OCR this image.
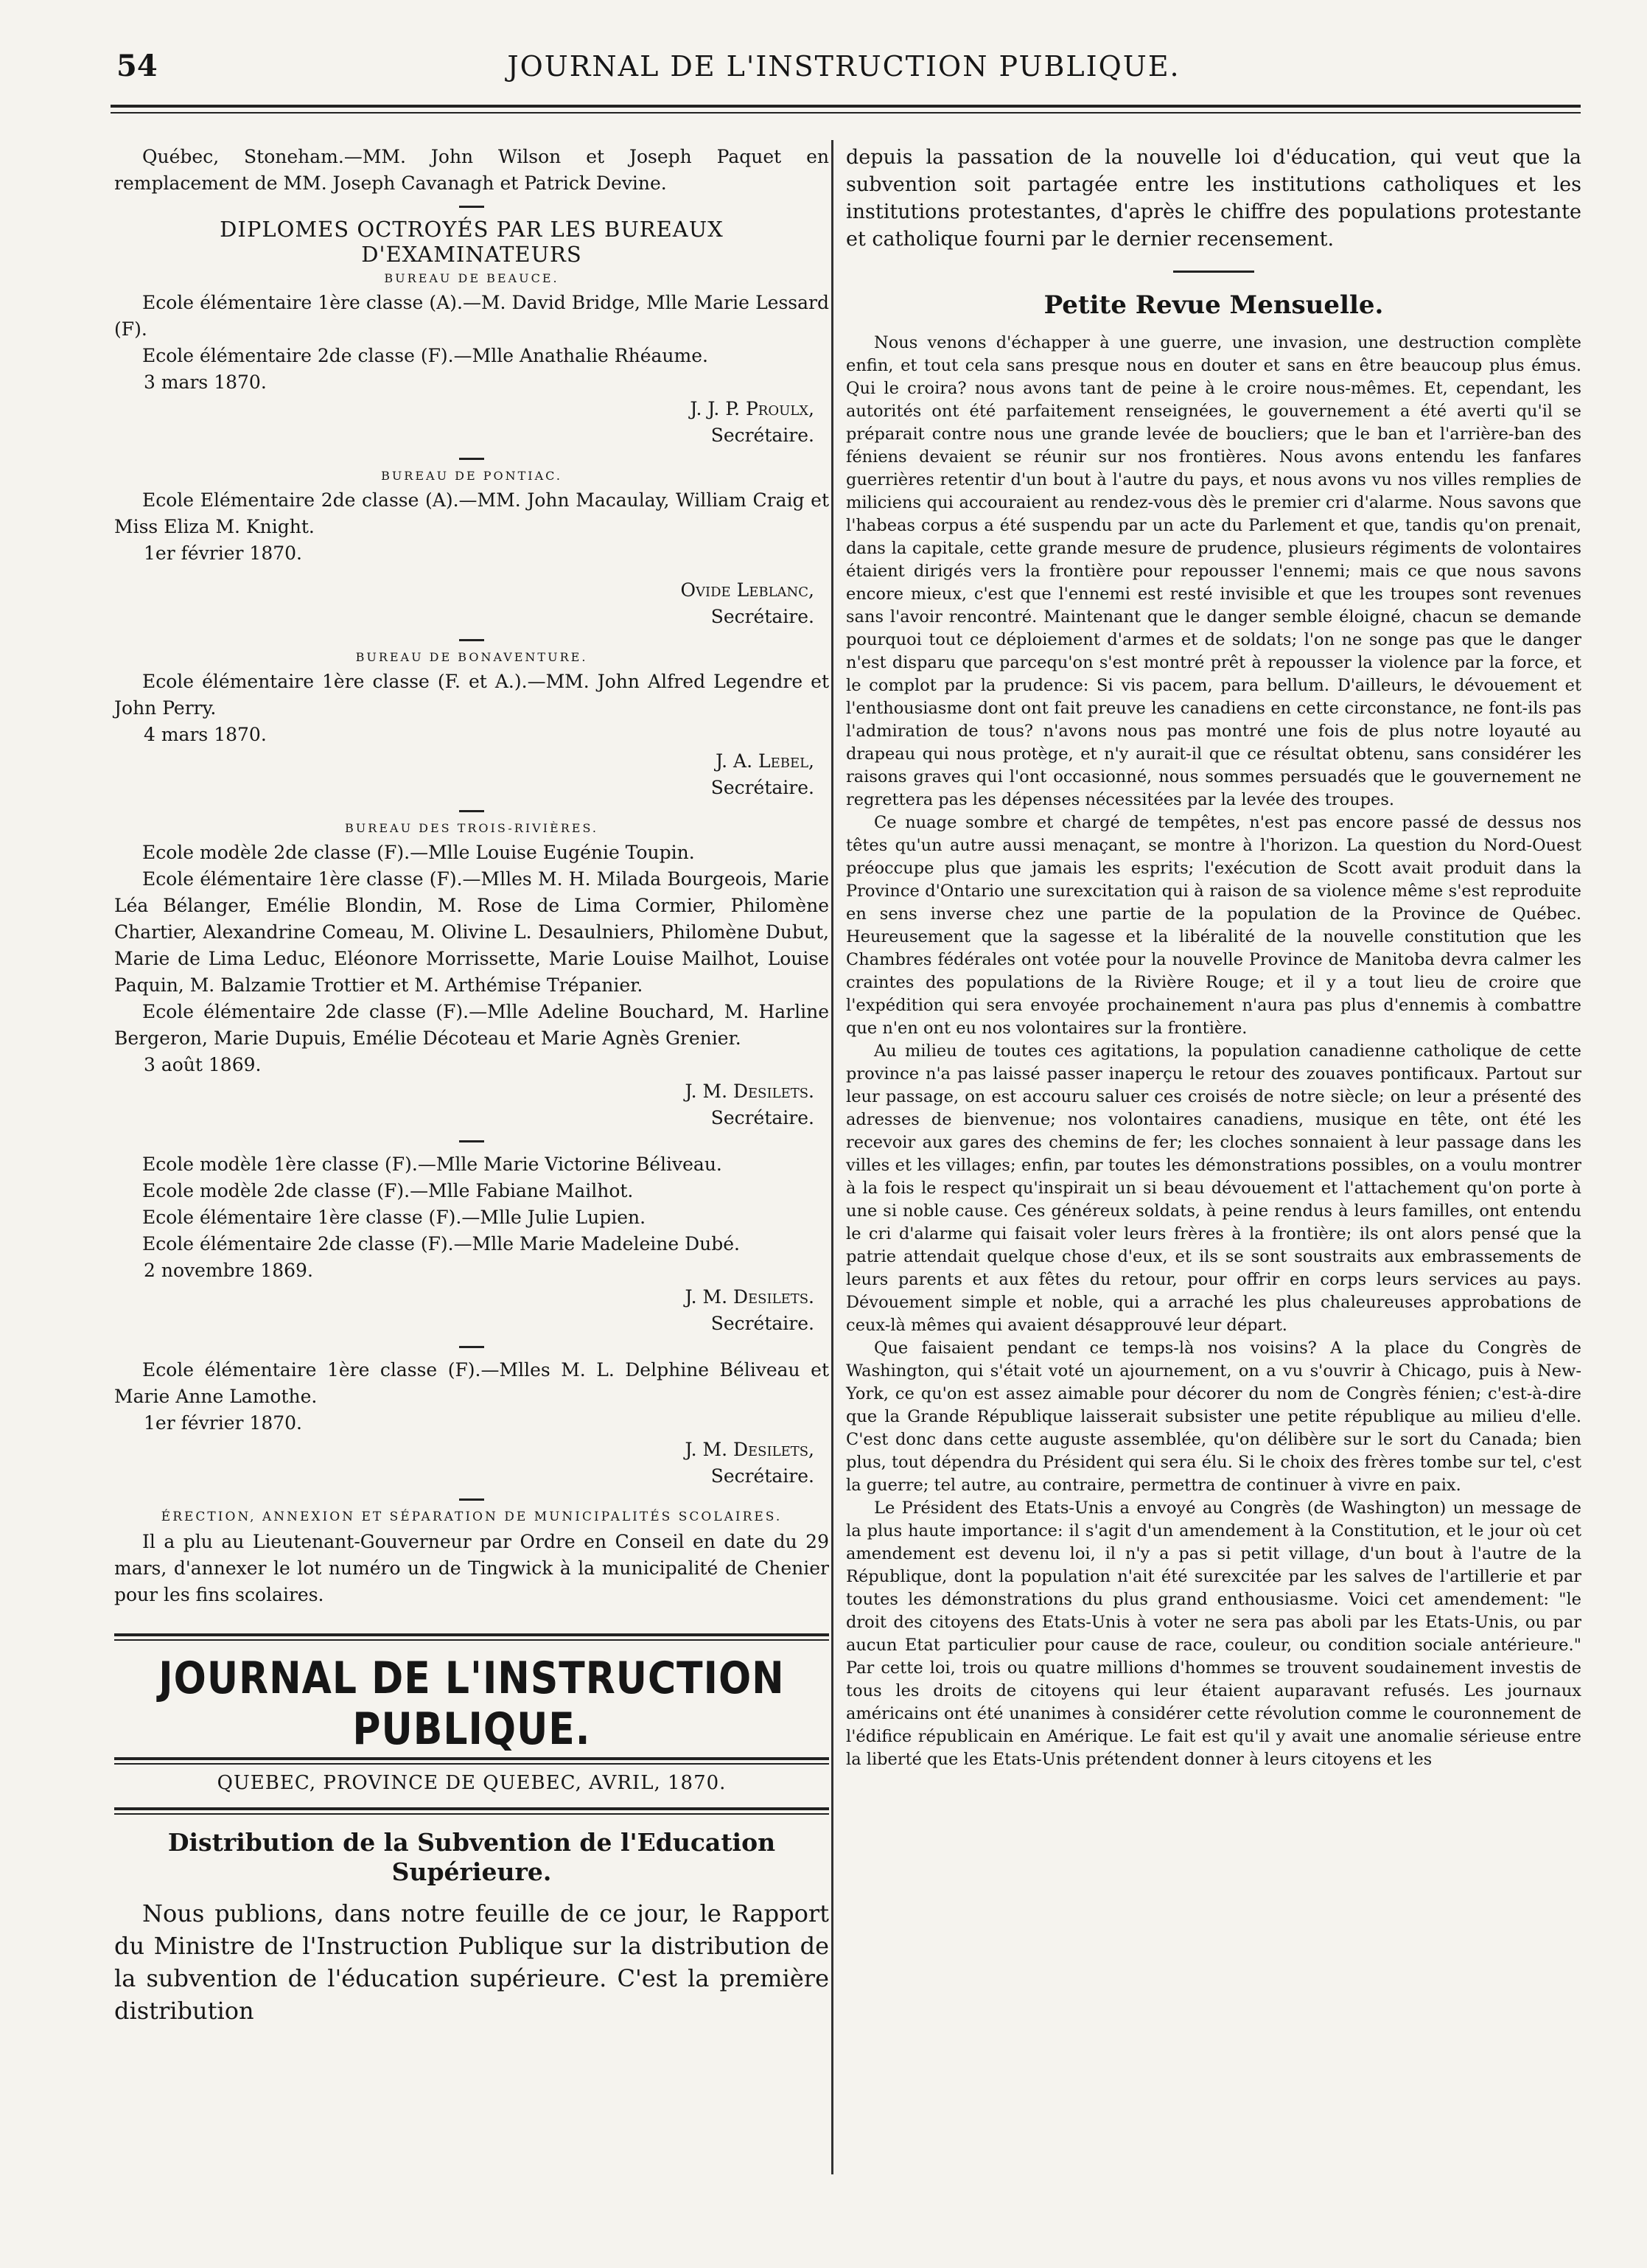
54	JOURNAL DE L'INSTRUCTION PUBLIQUE.

Québec, Stoneham.—MM. John Wilson et Joseph Paquet en remplacement de MM. Joseph Cavanagh et Patrick Devine.

DIPLOMES OCTROYÉS PAR LES BUREAUX D'EXAMINATEURS
BUREAU DE BEAUCE.

Ecole élémentaire 1ère classe (A).—M. David Bridge, Mlle Marie Lessard (F).

Ecole élémentaire 2de classe (F).—Mlle Anathalie Rhéaume.

3 mars 1870.

J. J. P. Proulx,

Secrétaire.

BUREAU DE PONTIAC.

Ecole Elémentaire 2de classe (A).—MM. John Macaulay, William Craig et Miss Eliza M. Knight.

1er février 1870.

Ovide Leblanc,

Secrétaire.

BUREAU DE BONAVENTURE.

Ecole élémentaire 1ère classe (F. et A.).—MM. John Alfred Legendre et John Perry.

4 mars 1870.

J. A. Lebel,

Secrétaire.

BUREAU DES TROIS-RIVIÈRES.

Ecole modèle 2de classe (F).—Mlle Louise Eugénie Toupin.

Ecole élémentaire 1ère classe (F).—Mlles M. H. Milada Bourgeois, Marie Léa Bélanger, Emélie Blondin, M. Rose de Lima Cormier, Philomène Chartier, Alexandrine Comeau, M. Olivine L. Desaulniers, Philomène Dubut, Marie de Lima Leduc, Eléonore Morrissette, Marie Louise Mailhot, Louise Paquin, M. Balzamie Trottier et M. Arthémise Trépanier.

Ecole élémentaire 2de classe (F).—Mlle Adeline Bouchard, M. Harline Bergeron, Marie Dupuis, Emélie Décoteau et Marie Agnès Grenier.

3 août 1869.

J. M. Desilets.

Secrétaire.

Ecole modèle 1ère classe (F).—Mlle Marie Victorine Béliveau.

Ecole modèle 2de classe (F).—Mlle Fabiane Mailhot.

Ecole élémentaire 1ère classe (F).—Mlle Julie Lupien.

Ecole élémentaire 2de classe (F).—Mlle Marie Madeleine Dubé.

2 novembre 1869.

J. M. Desilets.

Secrétaire.

Ecole élémentaire 1ère classe (F).—Mlles M. L. Delphine Béliveau et Marie Anne Lamothe.

1er février 1870.

J. M. Desilets,

Secrétaire.

ÉRECTION, ANNEXION ET SÉPARATION DE MUNICIPALITÉS SCOLAIRES.

Il a plu au Lieutenant-Gouverneur par Ordre en Conseil en date du 29 mars, d'annexer le lot numéro un de Tingwick à la municipalité de Chenier pour les fins scolaires.

JOURNAL DE L'INSTRUCTION PUBLIQUE.
QUEBEC, PROVINCE DE QUEBEC, AVRIL, 1870.
Distribution de la Subvention de l'Education Supérieure.

Nous publions, dans notre feuille de ce jour, le Rapport du Ministre de l'Instruction Publique sur la distribution de la subvention de l'éducation supérieure. C'est la première distribution

depuis la passation de la nouvelle loi d'éducation, qui veut que la subvention soit partagée entre les institutions catholiques et les institutions protestantes, d'après le chiffre des populations protestante et catholique fourni par le dernier recensement.

Petite Revue Mensuelle.

Nous venons d'échapper à une guerre, une invasion, une destruction complète enfin, et tout cela sans presque nous en douter et sans en être beaucoup plus émus. Qui le croira? nous avons tant de peine à le croire nous-mêmes. Et, cependant, les autorités ont été parfaitement renseignées, le gouvernement a été averti qu'il se préparait contre nous une grande levée de boucliers; que le ban et l'arrière-ban des féniens devaient se réunir sur nos frontières. Nous avons entendu les fanfares guerrières retentir d'un bout à l'autre du pays, et nous avons vu nos villes remplies de miliciens qui accouraient au rendez-vous dès le premier cri d'alarme. Nous savons que l'habeas corpus a été suspendu par un acte du Parlement et que, tandis qu'on prenait, dans la capitale, cette grande mesure de prudence, plusieurs régiments de volontaires étaient dirigés vers la frontière pour repousser l'ennemi; mais ce que nous savons encore mieux, c'est que l'ennemi est resté invisible et que les troupes sont revenues sans l'avoir rencontré. Maintenant que le danger semble éloigné, chacun se demande pourquoi tout ce déploiement d'armes et de soldats; l'on ne songe pas que le danger n'est disparu que parcequ'on s'est montré prêt à repousser la violence par la force, et le complot par la prudence: Si vis pacem, para bellum. D'ailleurs, le dévouement et l'enthousiasme dont ont fait preuve les canadiens en cette circonstance, ne font-ils pas l'admiration de tous? n'avons nous pas montré une fois de plus notre loyauté au drapeau qui nous protège, et n'y aurait-il que ce résultat obtenu, sans considérer les raisons graves qui l'ont occasionné, nous sommes persuadés que le gouvernement ne regrettera pas les dépenses nécessitées par la levée des troupes.

Ce nuage sombre et chargé de tempêtes, n'est pas encore passé de dessus nos têtes qu'un autre aussi menaçant, se montre à l'horizon. La question du Nord-Ouest préoccupe plus que jamais les esprits; l'exécution de Scott avait produit dans la Province d'Ontario une surexcitation qui à raison de sa violence même s'est reproduite en sens inverse chez une partie de la population de la Province de Québec. Heureusement que la sagesse et la libéralité de la nouvelle constitution que les Chambres fédérales ont votée pour la nouvelle Province de Manitoba devra calmer les craintes des populations de la Rivière Rouge; et il y a tout lieu de croire que l'expédition qui sera envoyée prochainement n'aura pas plus d'ennemis à combattre que n'en ont eu nos volontaires sur la frontière.

Au milieu de toutes ces agitations, la population canadienne catholique de cette province n'a pas laissé passer inaperçu le retour des zouaves pontificaux. Partout sur leur passage, on est accouru saluer ces croisés de notre siècle; on leur a présenté des adresses de bienvenue; nos volontaires canadiens, musique en tête, ont été les recevoir aux gares des chemins de fer; les cloches sonnaient à leur passage dans les villes et les villages; enfin, par toutes les démonstrations possibles, on a voulu montrer à la fois le respect qu'inspirait un si beau dévouement et l'attachement qu'on porte à une si noble cause. Ces généreux soldats, à peine rendus à leurs familles, ont entendu le cri d'alarme qui faisait voler leurs frères à la frontière; ils ont alors pensé que la patrie attendait quelque chose d'eux, et ils se sont soustraits aux embrassements de leurs parents et aux fêtes du retour, pour offrir en corps leurs services au pays. Dévouement simple et noble, qui a arraché les plus chaleureuses approbations de ceux-là mêmes qui avaient désapprouvé leur départ.

Que faisaient pendant ce temps-là nos voisins? A la place du Congrès de Washington, qui s'était voté un ajournement, on a vu s'ouvrir à Chicago, puis à New-York, ce qu'on est assez aimable pour décorer du nom de Congrès fénien; c'est-à-dire que la Grande République laisserait subsister une petite république au milieu d'elle. C'est donc dans cette auguste assemblée, qu'on délibère sur le sort du Canada; bien plus, tout dépendra du Président qui sera élu. Si le choix des frères tombe sur tel, c'est la guerre; tel autre, au contraire, permettra de continuer à vivre en paix.

Le Président des Etats-Unis a envoyé au Congrès (de Washington) un message de la plus haute importance: il s'agit d'un amendement à la Constitution, et le jour où cet amendement est devenu loi, il n'y a pas si petit village, d'un bout à l'autre de la République, dont la population n'ait été surexcitée par les salves de l'artillerie et par toutes les démonstrations du plus grand enthousiasme. Voici cet amendement: "le droit des citoyens des Etats-Unis à voter ne sera pas aboli par les Etats-Unis, ou par aucun Etat particulier pour cause de race, couleur, ou condition sociale antérieure." Par cette loi, trois ou quatre millions d'hommes se trouvent soudainement investis de tous les droits de citoyens qui leur étaient auparavant refusés. Les journaux américains ont été unanimes à considérer cette révolution comme le couronnement de l'édifice républicain en Amérique. Le fait est qu'il y avait une anomalie sérieuse entre la liberté que les Etats-Unis prétendent donner à leurs citoyens et les
